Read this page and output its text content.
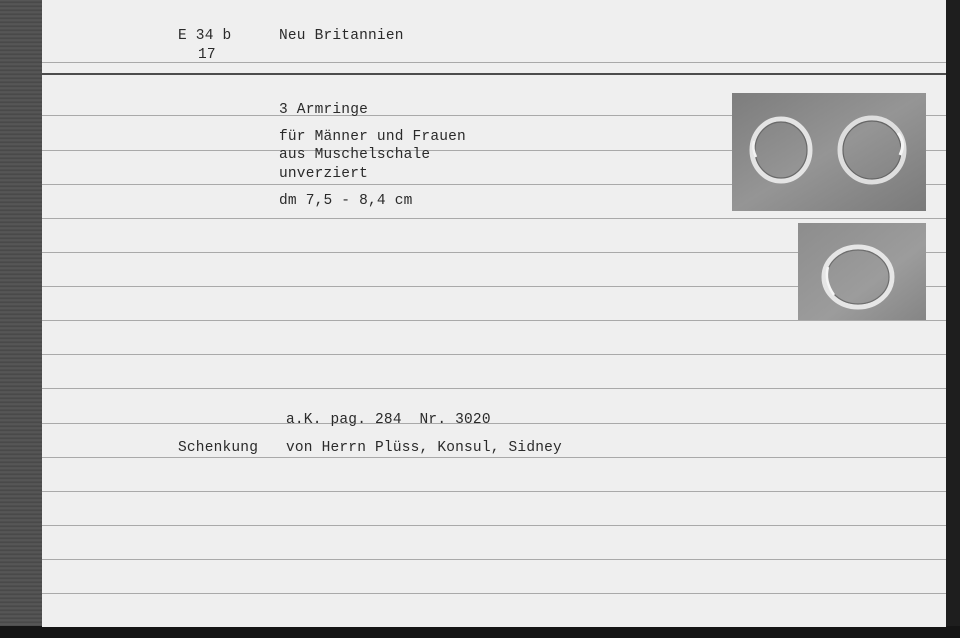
E 34 b
17
Neu Britannien
3 Armringe
für Männer und Frauen
aus Muschelschale
unverziert
dm 7,5 - 8,4 cm
a.K. pag. 284  Nr. 3020
Schenkung von Herrn Plüss, Konsul, Sidney
